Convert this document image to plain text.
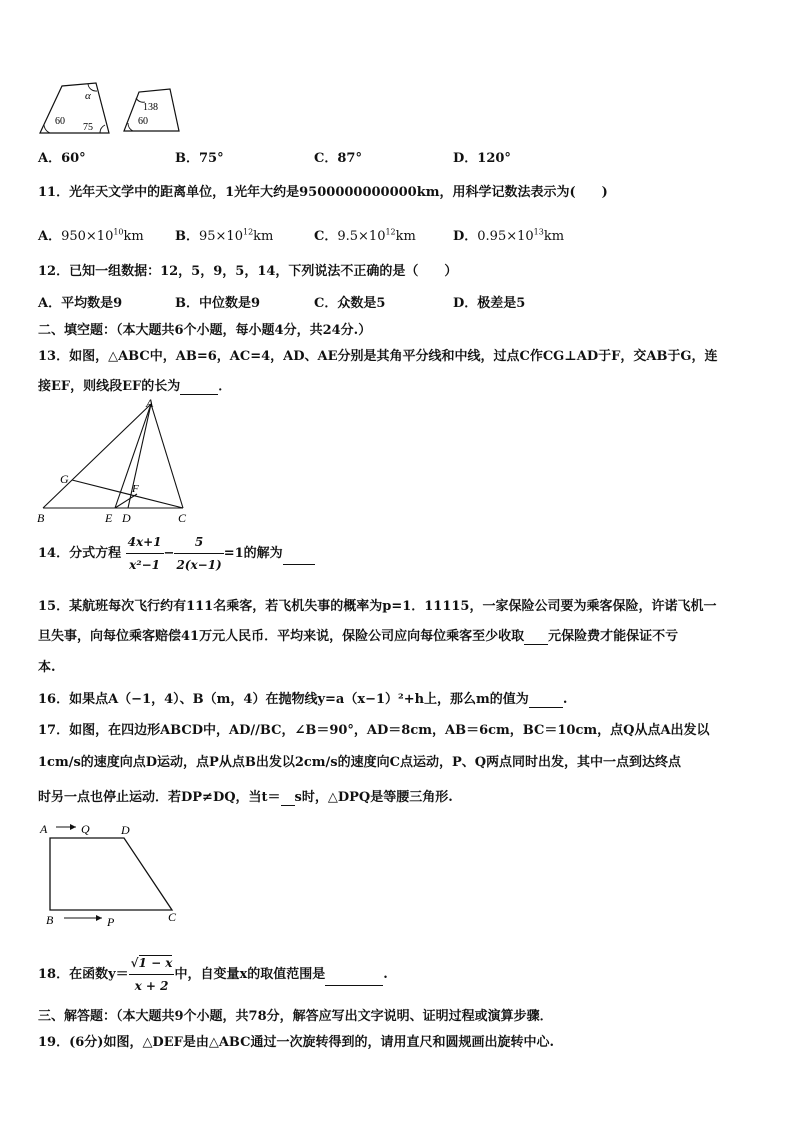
α
60
75
138
60
A．60°	B．75°	C．87°	D．120°
11．光年天文学中的距离单位，1光年大约是9500000000000km，用科学记数法表示为(　　)
A．$950\times 10^{10}km$ B．$95\times 10^{12}km$	C．$9.5\times 10^{12}km$	D．$0.95\times 10^{13}km$
12．已知一组数据：12，5，9，5，14，下列说法不正确的是（　　）
A．平均数是9	B．中位数是9	C．众数是5	D．极差是5
二、填空题：（本大题共6个小题，每小题4分，共24分.）
13．如图，△ABC中，AB=6，AC=4，AD、AE分别是其角平分线和中线，过点C作CG⊥AD于F，交AB于G，连
接EF，则线段EF的长为	．
A
G
F
B	E D	C
14．分式方程 $\frac{4x+1}{\text{x²−1}} - \frac{5}{2(x-1)} =1$的解为
15．某航班每次飞行约有111名乘客，若飞机失事的概率为p=1．11115，一家保险公司要为乘客保险，许诺飞机一
旦失事，向每位乘客赔偿41万元人民币．平均来说，保险公司应向每位乘客至少收取 元保险费才能保证不亏
本.
16．如果点A（−1，4）、B（m，4）在抛物线y=a（x−1）²+h上，那么m的值为	.
17．如图，在四边形ABCD中，AD//BC，∠B＝90°，AD＝8cm，AB＝6cm，BC＝10cm，点Q从点A出发以
1cm/s的速度向点D运动，点P从点B出发以2cm/s的速度向C点运动，P、Q两点同时出发，其中一点到达终点
时另一点也停止运动．若DP≠DQ，当t＝ s时，△DPQ是等腰三角形.
A	Q	D
B	P	C
18．在函数$y= \frac{√1 - x}{x + 2}$ 中，自变量x的取值范围是	.
三、解答题：（本大题共9个小题，共78分，解答应写出文字说明、证明过程或演算步骤．
19．(6分)如图，△DEF是由△ABC通过一次旋转得到的，请用直尺和圆规画出旋转中心.
